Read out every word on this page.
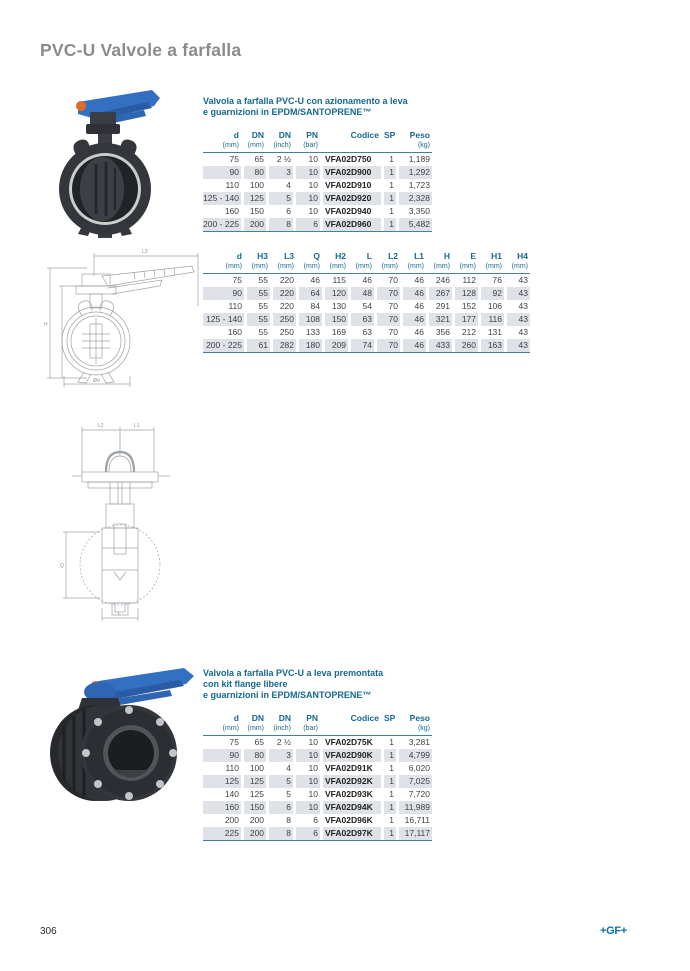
PVC-U Valvole a farfalla
Valvola a farfalla PVC-U con azionamento a leva
e guarnizioni in EPDM/SANTOPRENE™
d	DN	DN	PN	Codice SP	Peso
(mm)	(mm)	(inch)	(bar)	(kg)
75	65	2 ½	10 VFA02D750	1	1,189
90	80	3	10 VFA02D900	1	1,292
110	100	4	10 VFA02D910	1	1,723
125 - 140	125	5	10 VFA02D920	1	2,328
160	150	6	10 VFA02D940	1	3,350
200 - 225	200	8	6 VFA02D960	1	5,482
L3
H
Ød
d	H3	L3	Q	H2	L	L2	L1	H	E	H1	H4
(mm)	(mm)	(mm)	(mm)	(mm)	(mm)	(mm)	(mm)	(mm)	(mm)	(mm)	(mm)
75	55	220	46	115	46	70	46	246	112	76	43
90	55	220	64	120	48	70	46	267	128	92	43
110	55	220	84	130	54	70	46	291	152	106	43
125 - 140	55	250	108	150	63	70	46	321	177	116	43
160	55	250	133	169	63	70	46	356	212	131	43
200 - 225	61	282	180	209	74	70	46	433	260	163	43
L2	L1
Q
L
Valvola a farfalla PVC-U a leva premontata
con kit flange libere
e guarnizioni in EPDM/SANTOPRENE™
d	DN	DN	PN	Codice SP	Peso
(mm)	(mm)	(inch)	(bar)	(kg)
75	65	2 ½	10 VFA02D75K	1	3,281
90	80	3	10 VFA02D90K	1	4,799
110	100	4	10 VFA02D91K	1	6,020
125	125	5	10 VFA02D92K	1	7,025
140	125	5	10 VFA02D93K	1	7,720
160	150	6	10 VFA02D94K	1	11,989
200	200	8	6 VFA02D96K	1	16,711
225	200	8	6 VFA02D97K	1	17,117
306	+GF+
